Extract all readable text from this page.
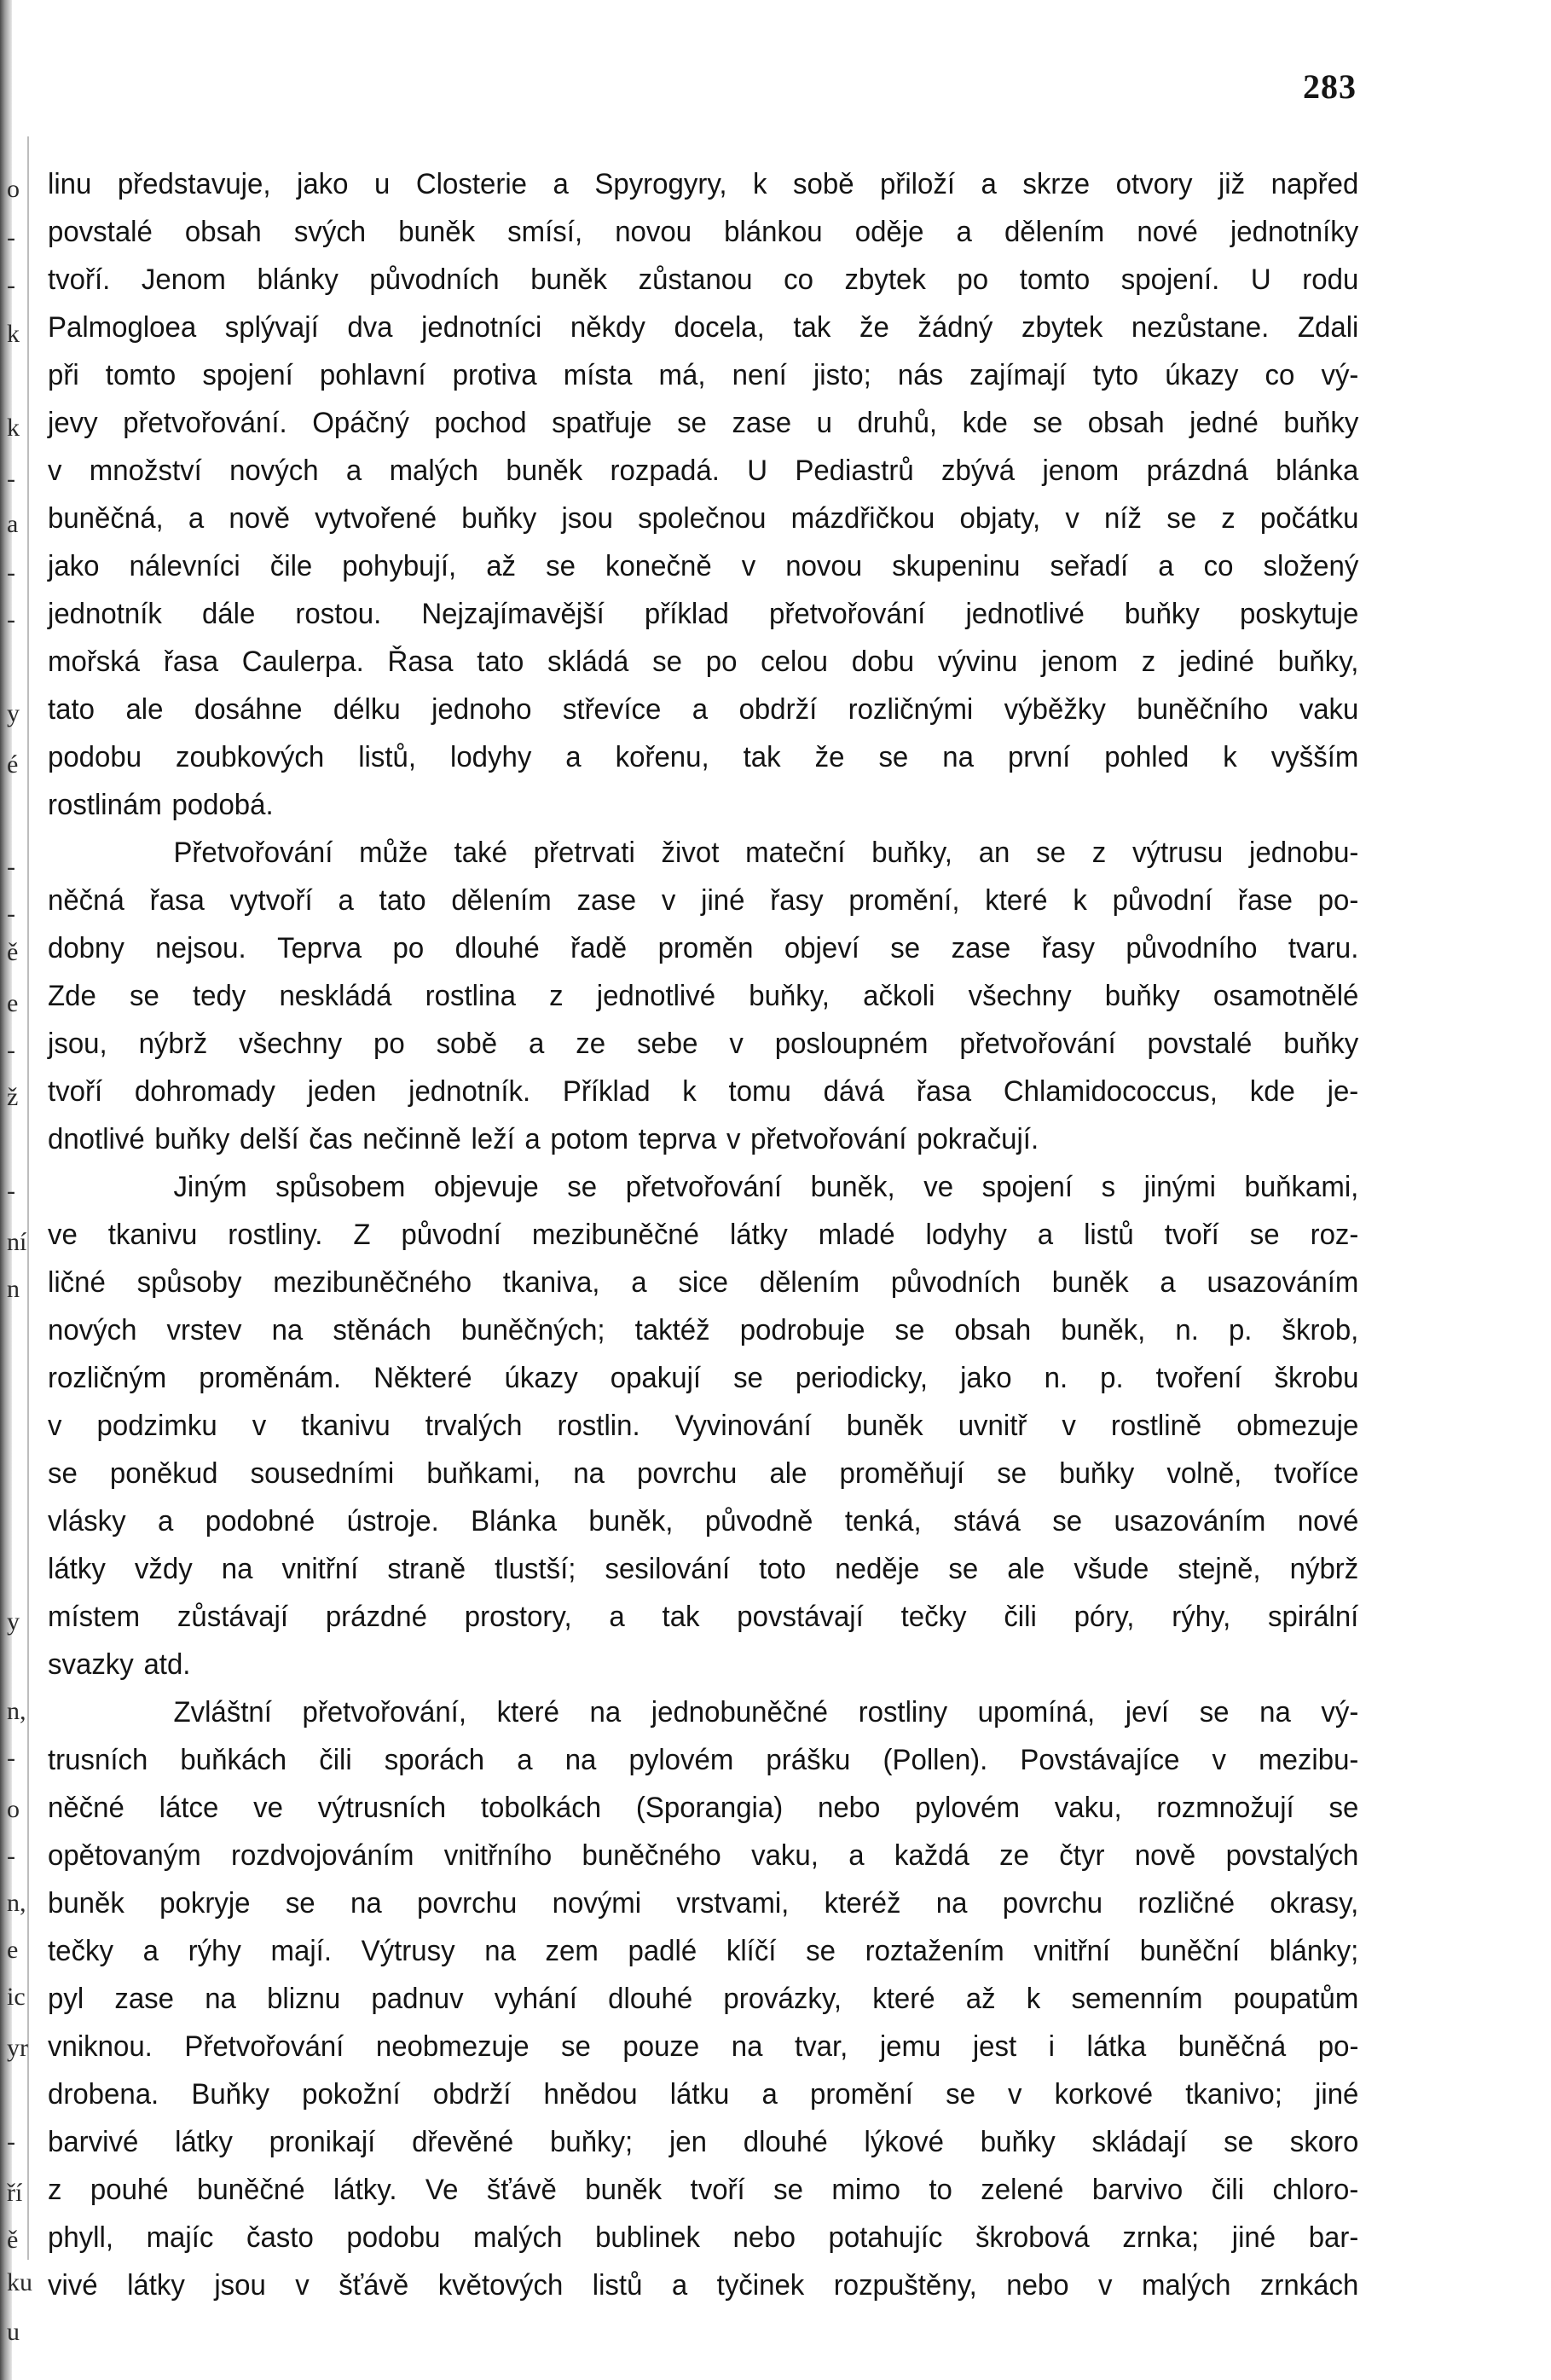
o
-
-
k
k
-
a
-
-
y
é
-
-
ě
e
-
ž
-
ní
n
y
n,
-
o
-
n,
e
ic
yr
-
ří
ě
ku
u
283
linu představuje, jako u Closterie a Spyrogyry, k sobě přiloží a skrze otvory již napřed
povstalé obsah svých buněk smísí, novou blánkou oděje a dělením nové jednotníky
tvoří. Jenom blánky původních buněk zůstanou co zbytek po tomto spojení. U rodu
Palmogloea splývají dva jednotníci někdy docela, tak že žádný zbytek nezůstane. Zdali
při tomto spojení pohlavní protiva místa má, není jisto; nás zajímají tyto úkazy co vý-
jevy přetvořování. Opáčný pochod spatřuje se zase u druhů, kde se obsah jedné buňky
v množství nových a malých buněk rozpadá. U Pediastrů zbývá jenom prázdná blánka
buněčná, a nově vytvořené buňky jsou společnou mázdřičkou objaty, v níž se z počátku
jako nálevníci čile pohybují, až se konečně v novou skupeninu seřadí a co složený
jednotník dále rostou. Nejzajímavější příklad přetvořování jednotlivé buňky poskytuje
mořská řasa Caulerpa. Řasa tato skládá se po celou dobu vývinu jenom z jediné buňky,
tato ale dosáhne délku jednoho střevíce a obdrží rozličnými výběžky buněčního vaku
podobu zoubkových listů, lodyhy a kořenu, tak že se na první pohled k vyšším
rostlinám podobá.
Přetvořování může také přetrvati život mateční buňky, an se z výtrusu jednobu-
něčná řasa vytvoří a tato dělením zase v jiné řasy promění, které k původní řase po-
dobny nejsou. Teprva po dlouhé řadě proměn objeví se zase řasy původního tvaru.
Zde se tedy neskládá rostlina z jednotlivé buňky, ačkoli všechny buňky osamotnělé
jsou, nýbrž všechny po sobě a ze sebe v posloupném přetvořování povstalé buňky
tvoří dohromady jeden jednotník. Příklad k tomu dává řasa Chlamidococcus, kde je-
dnotlivé buňky delší čas nečinně leží a potom teprva v přetvořování pokračují.
Jiným spůsobem objevuje se přetvořování buněk, ve spojení s jinými buňkami,
ve tkanivu rostliny. Z původní mezibuněčné látky mladé lodyhy a listů tvoří se roz-
ličné spůsoby mezibuněčného tkaniva, a sice dělením původních buněk a usazováním
nových vrstev na stěnách buněčných; taktéž podrobuje se obsah buněk, n. p. škrob,
rozličným proměnám. Některé úkazy opakují se periodicky, jako n. p. tvoření škrobu
v podzimku v tkanivu trvalých rostlin. Vyvinování buněk uvnitř v rostlině obmezuje
se poněkud sousedními buňkami, na povrchu ale proměňují se buňky volně, tvoříce
vlásky a podobné ústroje. Blánka buněk, původně tenká, stává se usazováním nové
látky vždy na vnitřní straně tlustší; sesilování toto neděje se ale všude stejně, nýbrž
místem zůstávají prázdné prostory, a tak povstávají tečky čili póry, rýhy, spirální
svazky atd.
Zvláštní přetvořování, které na jednobuněčné rostliny upomíná, jeví se na vý-
trusních buňkách čili sporách a na pylovém prášku (Pollen). Povstávajíce v mezibu-
něčné látce ve výtrusních tobolkách (Sporangia) nebo pylovém vaku, rozmnožují se
opětovaným rozdvojováním vnitřního buněčného vaku, a každá ze čtyr nově povstalých
buněk pokryje se na povrchu novými vrstvami, kteréž na povrchu rozličné okrasy,
tečky a rýhy mají. Výtrusy na zem padlé klíčí se roztažením vnitřní buněční blánky;
pyl zase na bliznu padnuv vyhání dlouhé provázky, které až k semenním poupatům
vniknou. Přetvořování neobmezuje se pouze na tvar, jemu jest i látka buněčná po-
drobena. Buňky pokožní obdrží hnědou látku a promění se v korkové tkanivo; jiné
barvivé látky pronikají dřevěné buňky; jen dlouhé lýkové buňky skládají se skoro
z pouhé buněčné látky. Ve šťávě buněk tvoří se mimo to zelené barvivo čili chloro-
phyll, majíc často podobu malých bublinek nebo potahujíc škrobová zrnka; jiné bar-
vivé látky jsou v šťávě květových listů a tyčinek rozpuštěny, nebo v malých zrnkách
